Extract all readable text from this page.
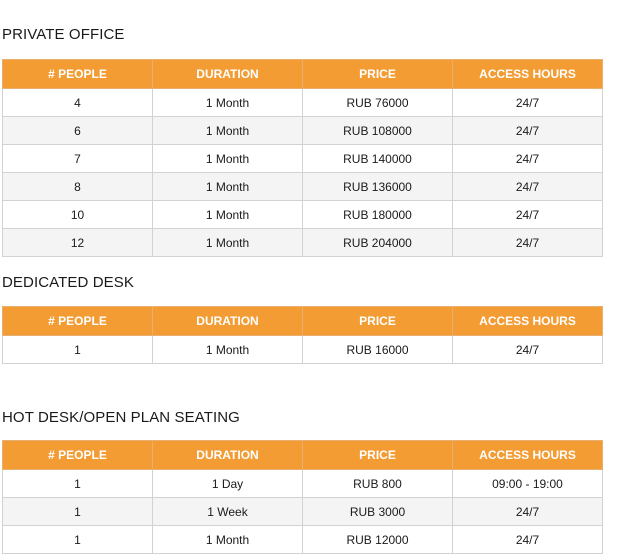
PRIVATE OFFICE
# PEOPLE	DURATION	PRICE	ACCESS HOURS
4	1 Month	RUB 76000	24/7
6	1 Month	RUB 108000	24/7
7	1 Month	RUB 140000	24/7
8	1 Month	RUB 136000	24/7
10	1 Month	RUB 180000	24/7
12	1 Month	RUB 204000	24/7
DEDICATED DESK
# PEOPLE	DURATION	PRICE	ACCESS HOURS
1	1 Month	RUB 16000	24/7
HOT DESK/OPEN PLAN SEATING
# PEOPLE	DURATION	PRICE	ACCESS HOURS
1	1 Day	RUB 800	09:00 - 19:00
1	1 Week	RUB 3000	24/7
1	1 Month	RUB 12000	24/7
